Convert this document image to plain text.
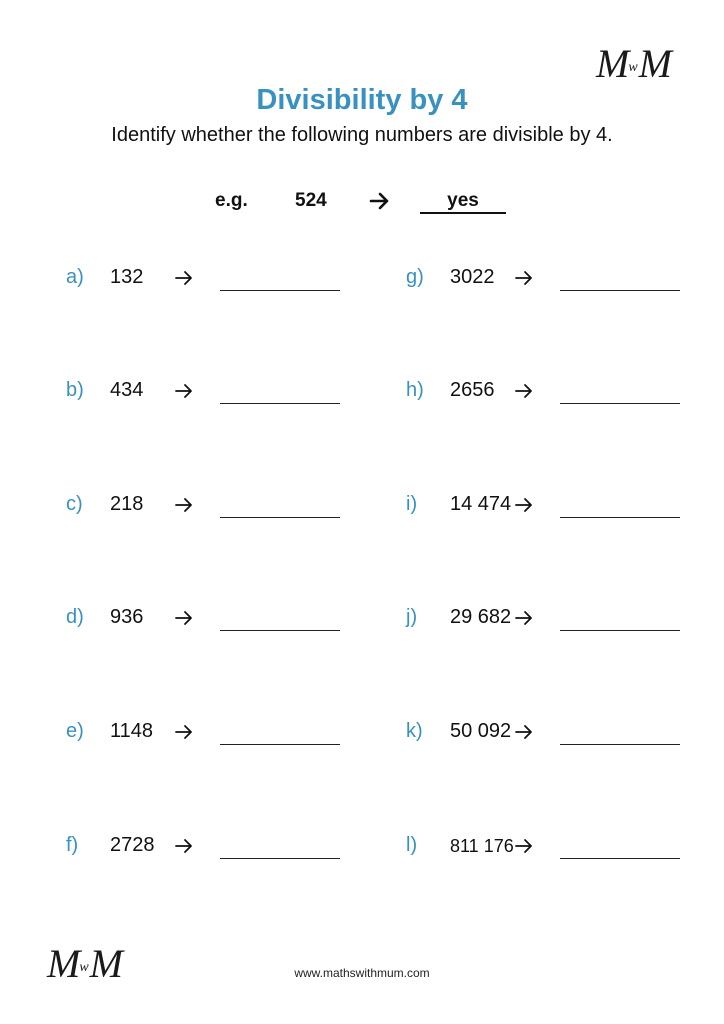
MwM
Divisibility by 4
Identify whether the following numbers are divisible by 4.
e.g. 524	yes
a) 132
b) 434
c) 218
d) 936
e) 1148
f) 2728
g) 3022
h) 2656
i) 14 474
j) 29 682
k) 50 092
l) 811 176
MwM	www.mathswithmum.com
